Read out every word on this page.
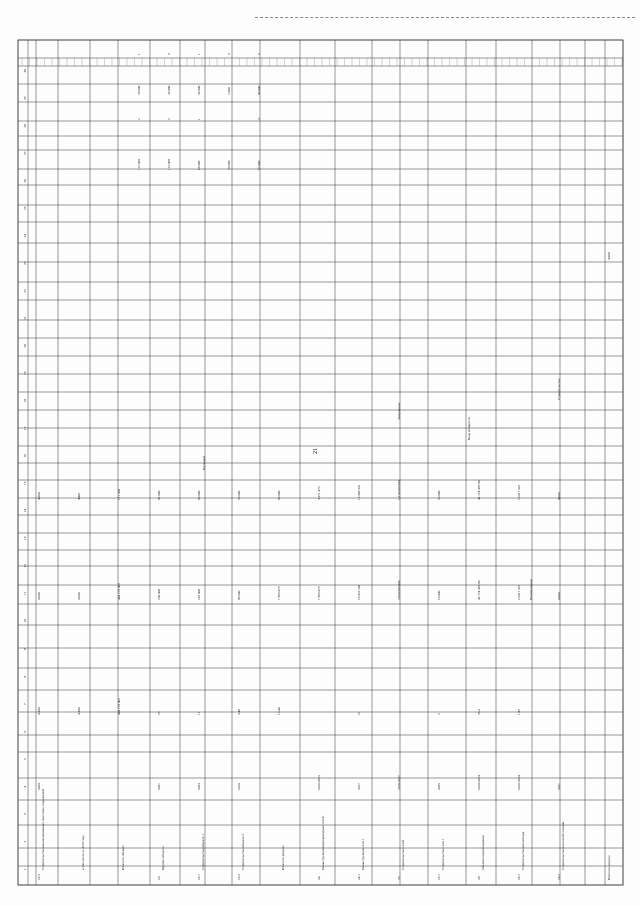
21
1
2
3
4
5
6
7
8
9
10
11
12
13
14
15
16
17
18
19
20
21
22
23
24
25
26
27
28
29
30
22.5
Строительство канализационных очистных сооружений
2020
4 000
4 000
4 000
в том числе: в 2019 году
4 000
4 000
4000
Итого по объекту
444 278 062
444 278 062
171 300
23.
Прочие объекты
2021
25
250 000
92 000
23.1
Строительство объекта 1
2023
11
216 000
68 000
23.2
Строительство объекта 2
2018
3,40
89 000
20 000
Итого по разделу
13,40
7 365 075
68 000
24.
Реконструкция водопроводных сетей
2019-2023
7 365 075
3 371 475
24.1
Реконструкция сети 1
2017
21
19 822 203
15 860 331
25.
Строительство сетей
2019-2027
3 854 000 000
1 014 000 000
25.1
Строительство сети 1
2025
5
10 000
20 000
26.
Объекты водоотведения
2018-2024
35,3
42 774 497,80
42 774 497,80
26.1
Строительство коллектора
2019-2024
1,85
10 011 325
10 011 325
26.2
Строительство насосной станции
2021
4 000
4 000
Пусковой
Завершение
Ввод мощности
Наименование
Строительство
112 000
2
74 000
1
112 000
2
74 000
3
68 000
1
24 000
1
20 000
7 000
3
92 000
3
40 000
5
Итого по разделу
4 000
